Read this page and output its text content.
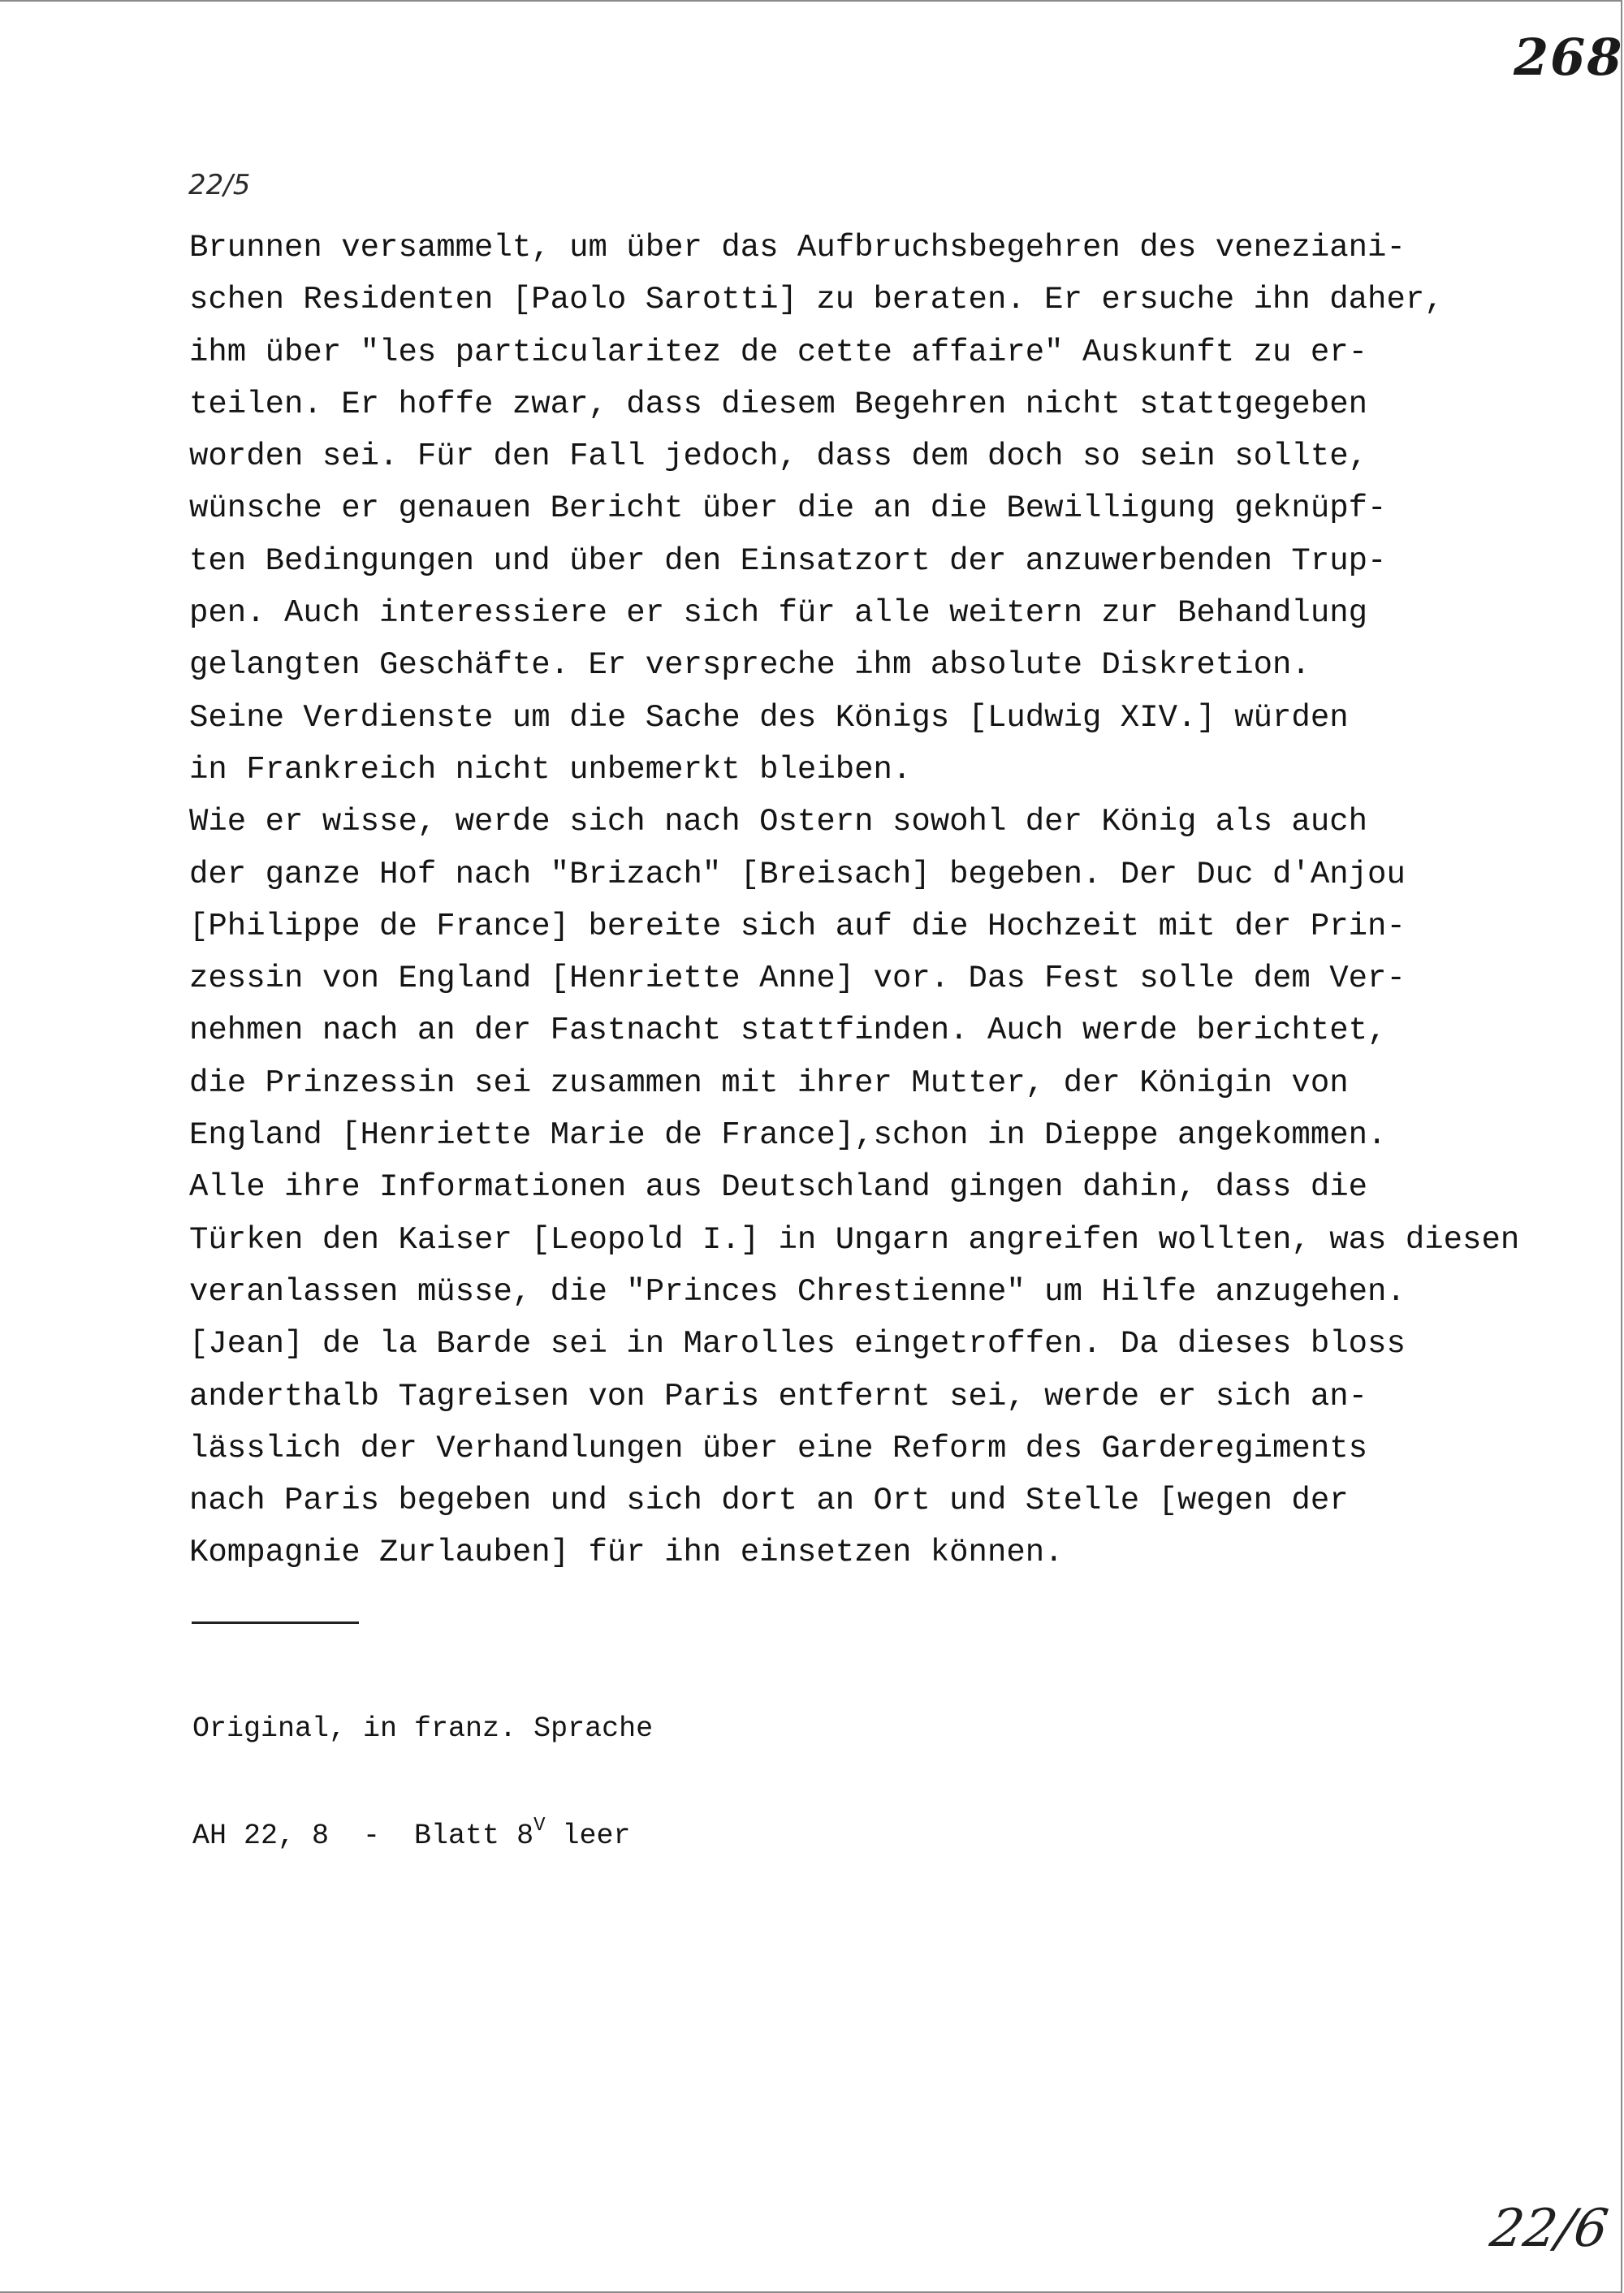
268
22/5
Brunnen versammelt, um über das Aufbruchsbegehren des veneziani-
schen Residenten [Paolo Sarotti] zu beraten. Er ersuche ihn daher,
ihm über "les particularitez de cette affaire" Auskunft zu er-
teilen. Er hoffe zwar, dass diesem Begehren nicht stattgegeben
worden sei. Für den Fall jedoch, dass dem doch so sein sollte,
wünsche er genauen Bericht über die an die Bewilligung geknüpf-
ten Bedingungen und über den Einsatzort der anzuwerbenden Trup-
pen. Auch interessiere er sich für alle weitern zur Behandlung
gelangten Geschäfte. Er verspreche ihm absolute Diskretion.
Seine Verdienste um die Sache des Königs [Ludwig XIV.] würden
in Frankreich nicht unbemerkt bleiben.
Wie er wisse, werde sich nach Ostern sowohl der König als auch
der ganze Hof nach "Brizach" [Breisach] begeben. Der Duc d'Anjou
[Philippe de France] bereite sich auf die Hochzeit mit der Prin-
zessin von England [Henriette Anne] vor. Das Fest solle dem Ver-
nehmen nach an der Fastnacht stattfinden. Auch werde berichtet,
die Prinzessin sei zusammen mit ihrer Mutter, der Königin von
England [Henriette Marie de France],schon in Dieppe angekommen.
Alle ihre Informationen aus Deutschland gingen dahin, dass die
Türken den Kaiser [Leopold I.] in Ungarn angreifen wollten, was diesen
veranlassen müsse, die "Princes Chrestienne" um Hilfe anzugehen.
[Jean] de la Barde sei in Marolles eingetroffen. Da dieses bloss
anderthalb Tagreisen von Paris entfernt sei, werde er sich an-
lässlich der Verhandlungen über eine Reform des Garderegiments
nach Paris begeben und sich dort an Ort und Stelle [wegen der
Kompagnie Zurlauben] für ihn einsetzen können.

Original, in franz. Sprache

AH 22, 8  -  Blatt $8^V$ leer

22/6
